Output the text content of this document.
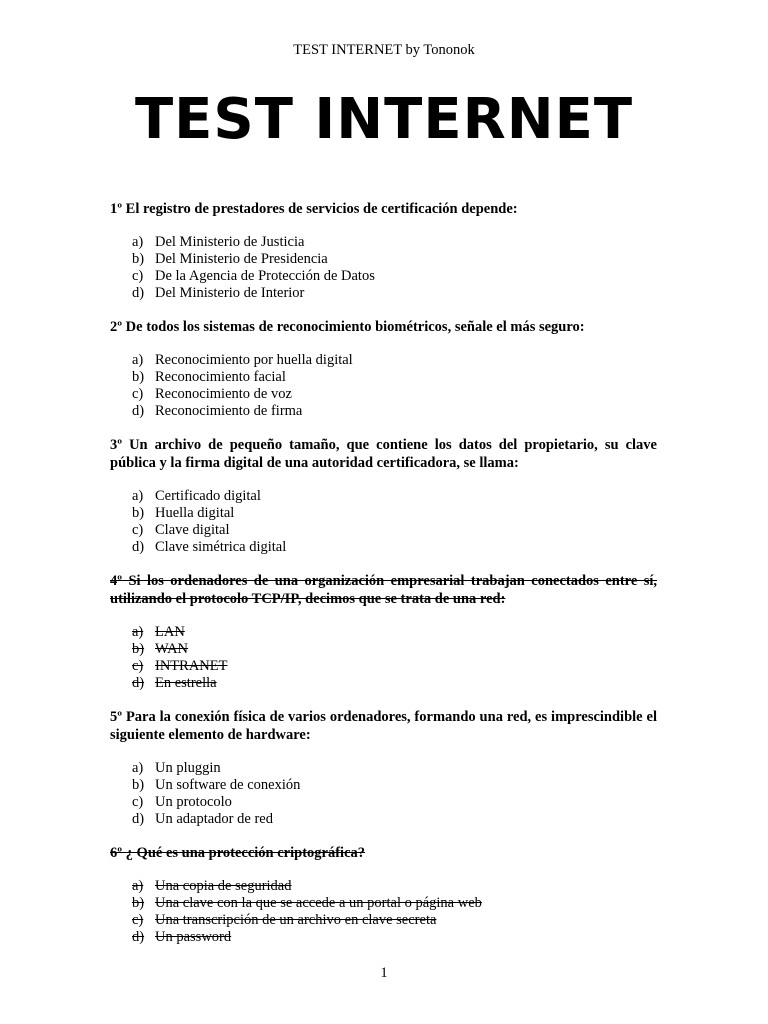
TEST INTERNET by Tononok
TEST INTERNET

1º El registro de prestadores de servicios de certificación depende:

a) Del Ministerio de Justicia
b) Del Ministerio de Presidencia
c) De la Agencia de Protección de Datos
d) Del Ministerio de Interior

2º De todos los sistemas de reconocimiento biométricos, señale el más seguro:

a) Reconocimiento por huella digital
b) Reconocimiento facial
c) Reconocimiento de voz
d) Reconocimiento de firma

3º Un archivo de pequeño tamaño, que contiene los datos del propietario, su clave pública y la firma digital de una autoridad certificadora, se llama:

a) Certificado digital
b) Huella digital
c) Clave digital
d) Clave simétrica digital

4º Si los ordenadores de una organización empresarial trabajan conectados entre sí, utilizando el protocolo TCP/IP, decimos que se trata de una red:

a) LAN
b) WAN
c) INTRANET
d) En estrella

5º Para la conexión física de varios ordenadores, formando una red, es imprescindible el siguiente elemento de hardware:

a) Un pluggin
b) Un software de conexión
c) Un protocolo
d) Un adaptador de red

6º ¿ Qué es una protección criptográfica?

a) Una copia de seguridad
b) Una clave con la que se accede a un portal o página web
c) Una transcripción de un archivo en clave secreta
d) Un password
1
